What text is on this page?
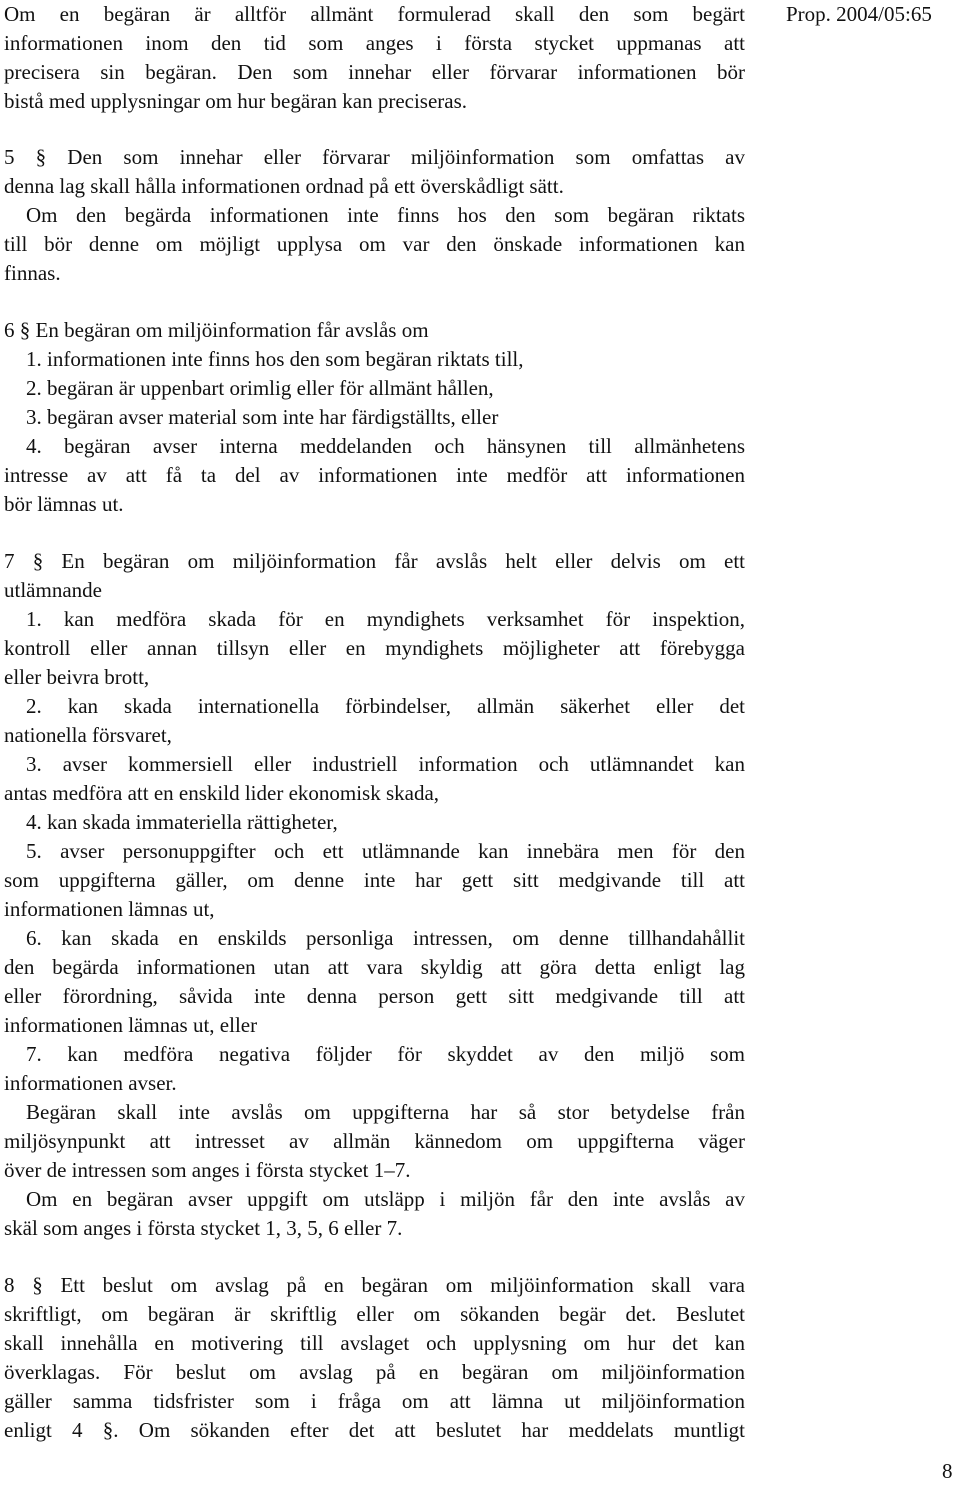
Prop. 2004/05:65
Om en begäran är alltför allmänt formulerad skall den som begärt
informationen inom den tid som anges i första stycket uppmanas att
precisera sin begäran. Den som innehar eller förvarar informationen bör
bistå med upplysningar om hur begäran kan preciseras.
5 § Den som innehar eller förvarar miljöinformation som omfattas av
denna lag skall hålla informationen ordnad på ett överskådligt sätt.
Om den begärda informationen inte finns hos den som begäran riktats
till bör denne om möjligt upplysa om var den önskade informationen kan
finnas.
6 § En begäran om miljöinformation får avslås om
1. informationen inte finns hos den som begäran riktats till,
2. begäran är uppenbart orimlig eller för allmänt hållen,
3. begäran avser material som inte har färdigställts, eller
4. begäran avser interna meddelanden och hänsynen till allmänhetens
intresse av att få ta del av informationen inte medför att informationen
bör lämnas ut.
7 § En begäran om miljöinformation får avslås helt eller delvis om ett
utlämnande
1. kan medföra skada för en myndighets verksamhet för inspektion,
kontroll eller annan tillsyn eller en myndighets möjligheter att förebygga
eller beivra brott,
2. kan skada internationella förbindelser, allmän säkerhet eller det
nationella försvaret,
3. avser kommersiell eller industriell information och utlämnandet kan
antas medföra att en enskild lider ekonomisk skada,
4. kan skada immateriella rättigheter,
5. avser personuppgifter och ett utlämnande kan innebära men för den
som uppgifterna gäller, om denne inte har gett sitt medgivande till att
informationen lämnas ut,
6. kan skada en enskilds personliga intressen, om denne tillhandahållit
den begärda informationen utan att vara skyldig att göra detta enligt lag
eller förordning, såvida inte denna person gett sitt medgivande till att
informationen lämnas ut, eller
7. kan medföra negativa följder för skyddet av den miljö som
informationen avser.
Begäran skall inte avslås om uppgifterna har så stor betydelse från
miljösynpunkt att intresset av allmän kännedom om uppgifterna väger
över de intressen som anges i första stycket 1–7.
Om en begäran avser uppgift om utsläpp i miljön får den inte avslås av
skäl som anges i första stycket 1, 3, 5, 6 eller 7.
8 § Ett beslut om avslag på en begäran om miljöinformation skall vara
skriftligt, om begäran är skriftlig eller om sökanden begär det. Beslutet
skall innehålla en motivering till avslaget och upplysning om hur det kan
överklagas. För beslut om avslag på en begäran om miljöinformation
gäller samma tidsfrister som i fråga om att lämna ut miljöinformation
enligt 4 §. Om sökanden efter det att beslutet har meddelats muntligt
8
